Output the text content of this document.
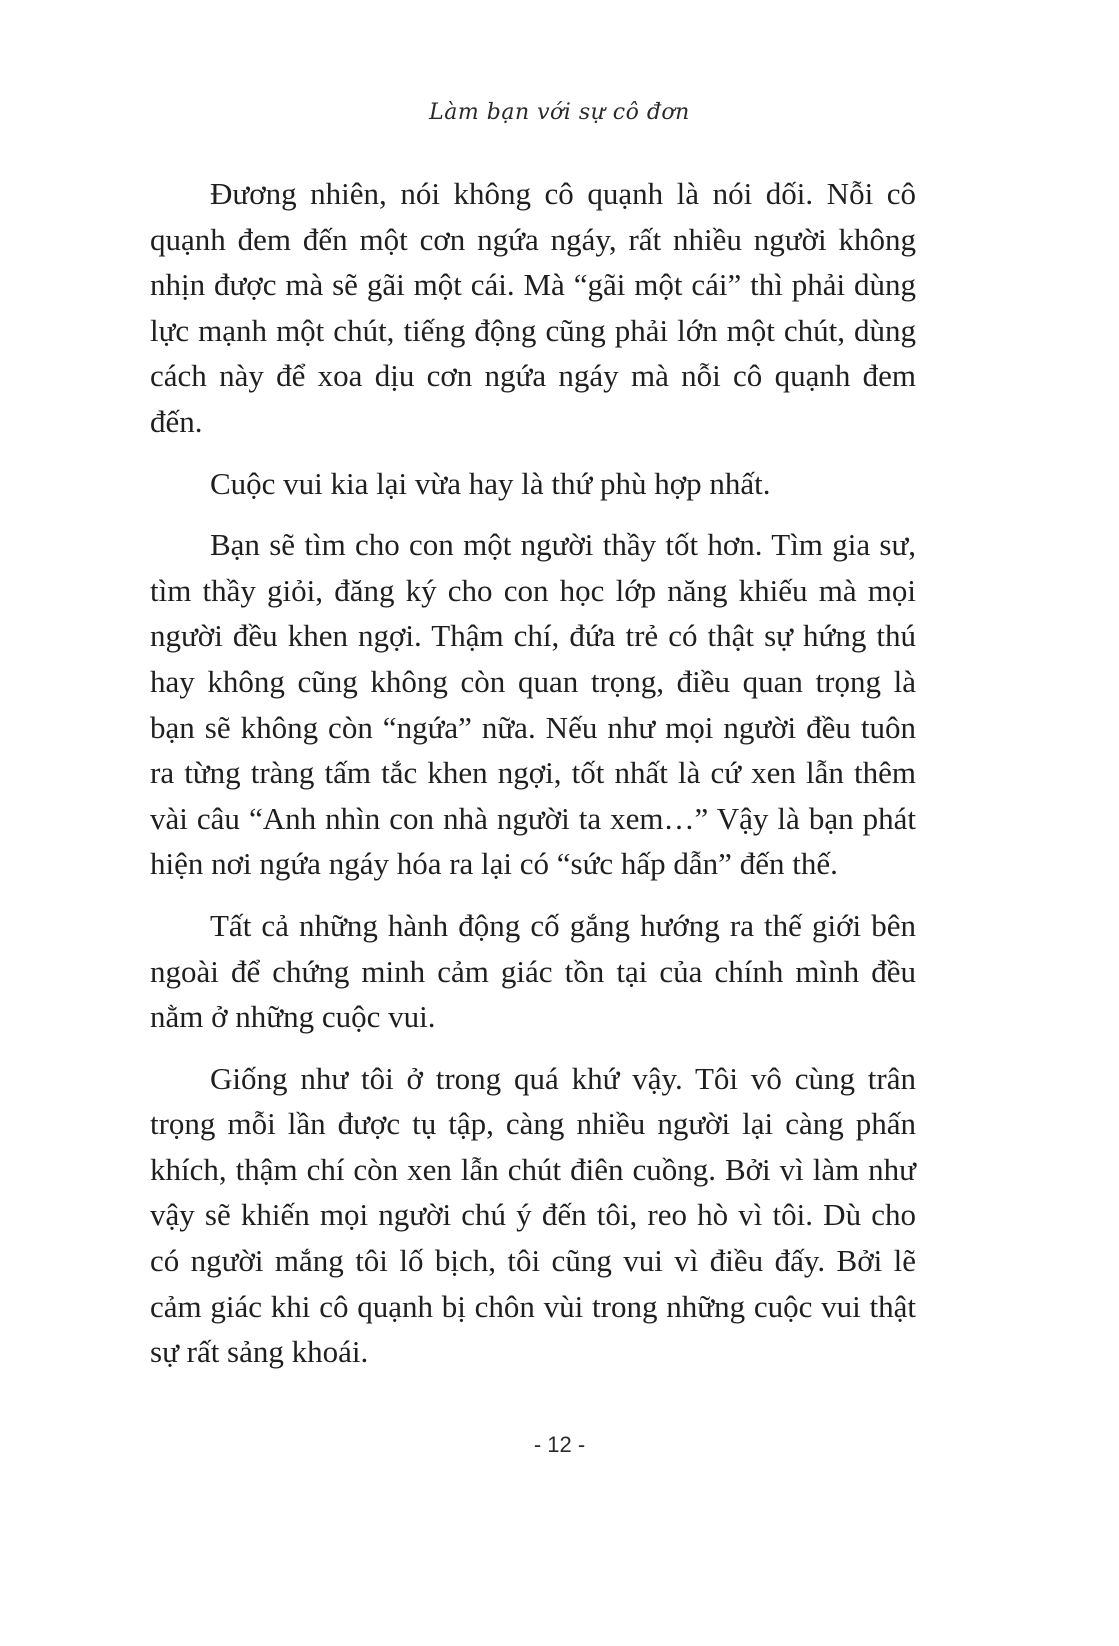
Làm bạn với sự cô đơn

Đương nhiên, nói không cô quạnh là nói dối. Nỗi cô quạnh đem đến một cơn ngứa ngáy, rất nhiều người không nhịn được mà sẽ gãi một cái. Mà “gãi một cái” thì phải dùng lực mạnh một chút, tiếng động cũng phải lớn một chút, dùng cách này để xoa dịu cơn ngứa ngáy mà nỗi cô quạnh đem đến.

Cuộc vui kia lại vừa hay là thứ phù hợp nhất.

Bạn sẽ tìm cho con một người thầy tốt hơn. Tìm gia sư, tìm thầy giỏi, đăng ký cho con học lớp năng khiếu mà mọi người đều khen ngợi. Thậm chí, đứa trẻ có thật sự hứng thú hay không cũng không còn quan trọng, điều quan trọng là bạn sẽ không còn “ngứa” nữa. Nếu như mọi người đều tuôn ra từng tràng tấm tắc khen ngợi, tốt nhất là cứ xen lẫn thêm vài câu “Anh nhìn con nhà người ta xem…” Vậy là bạn phát hiện nơi ngứa ngáy hóa ra lại có “sức hấp dẫn” đến thế.

Tất cả những hành động cố gắng hướng ra thế giới bên ngoài để chứng minh cảm giác tồn tại của chính mình đều nằm ở những cuộc vui.

Giống như tôi ở trong quá khứ vậy. Tôi vô cùng trân trọng mỗi lần được tụ tập, càng nhiều người lại càng phấn khích, thậm chí còn xen lẫn chút điên cuồng. Bởi vì làm như vậy sẽ khiến mọi người chú ý đến tôi, reo hò vì tôi. Dù cho có người mắng tôi lố bịch, tôi cũng vui vì điều đấy. Bởi lẽ cảm giác khi cô quạnh bị chôn vùi trong những cuộc vui thật sự rất sảng khoái.

- 12 -
